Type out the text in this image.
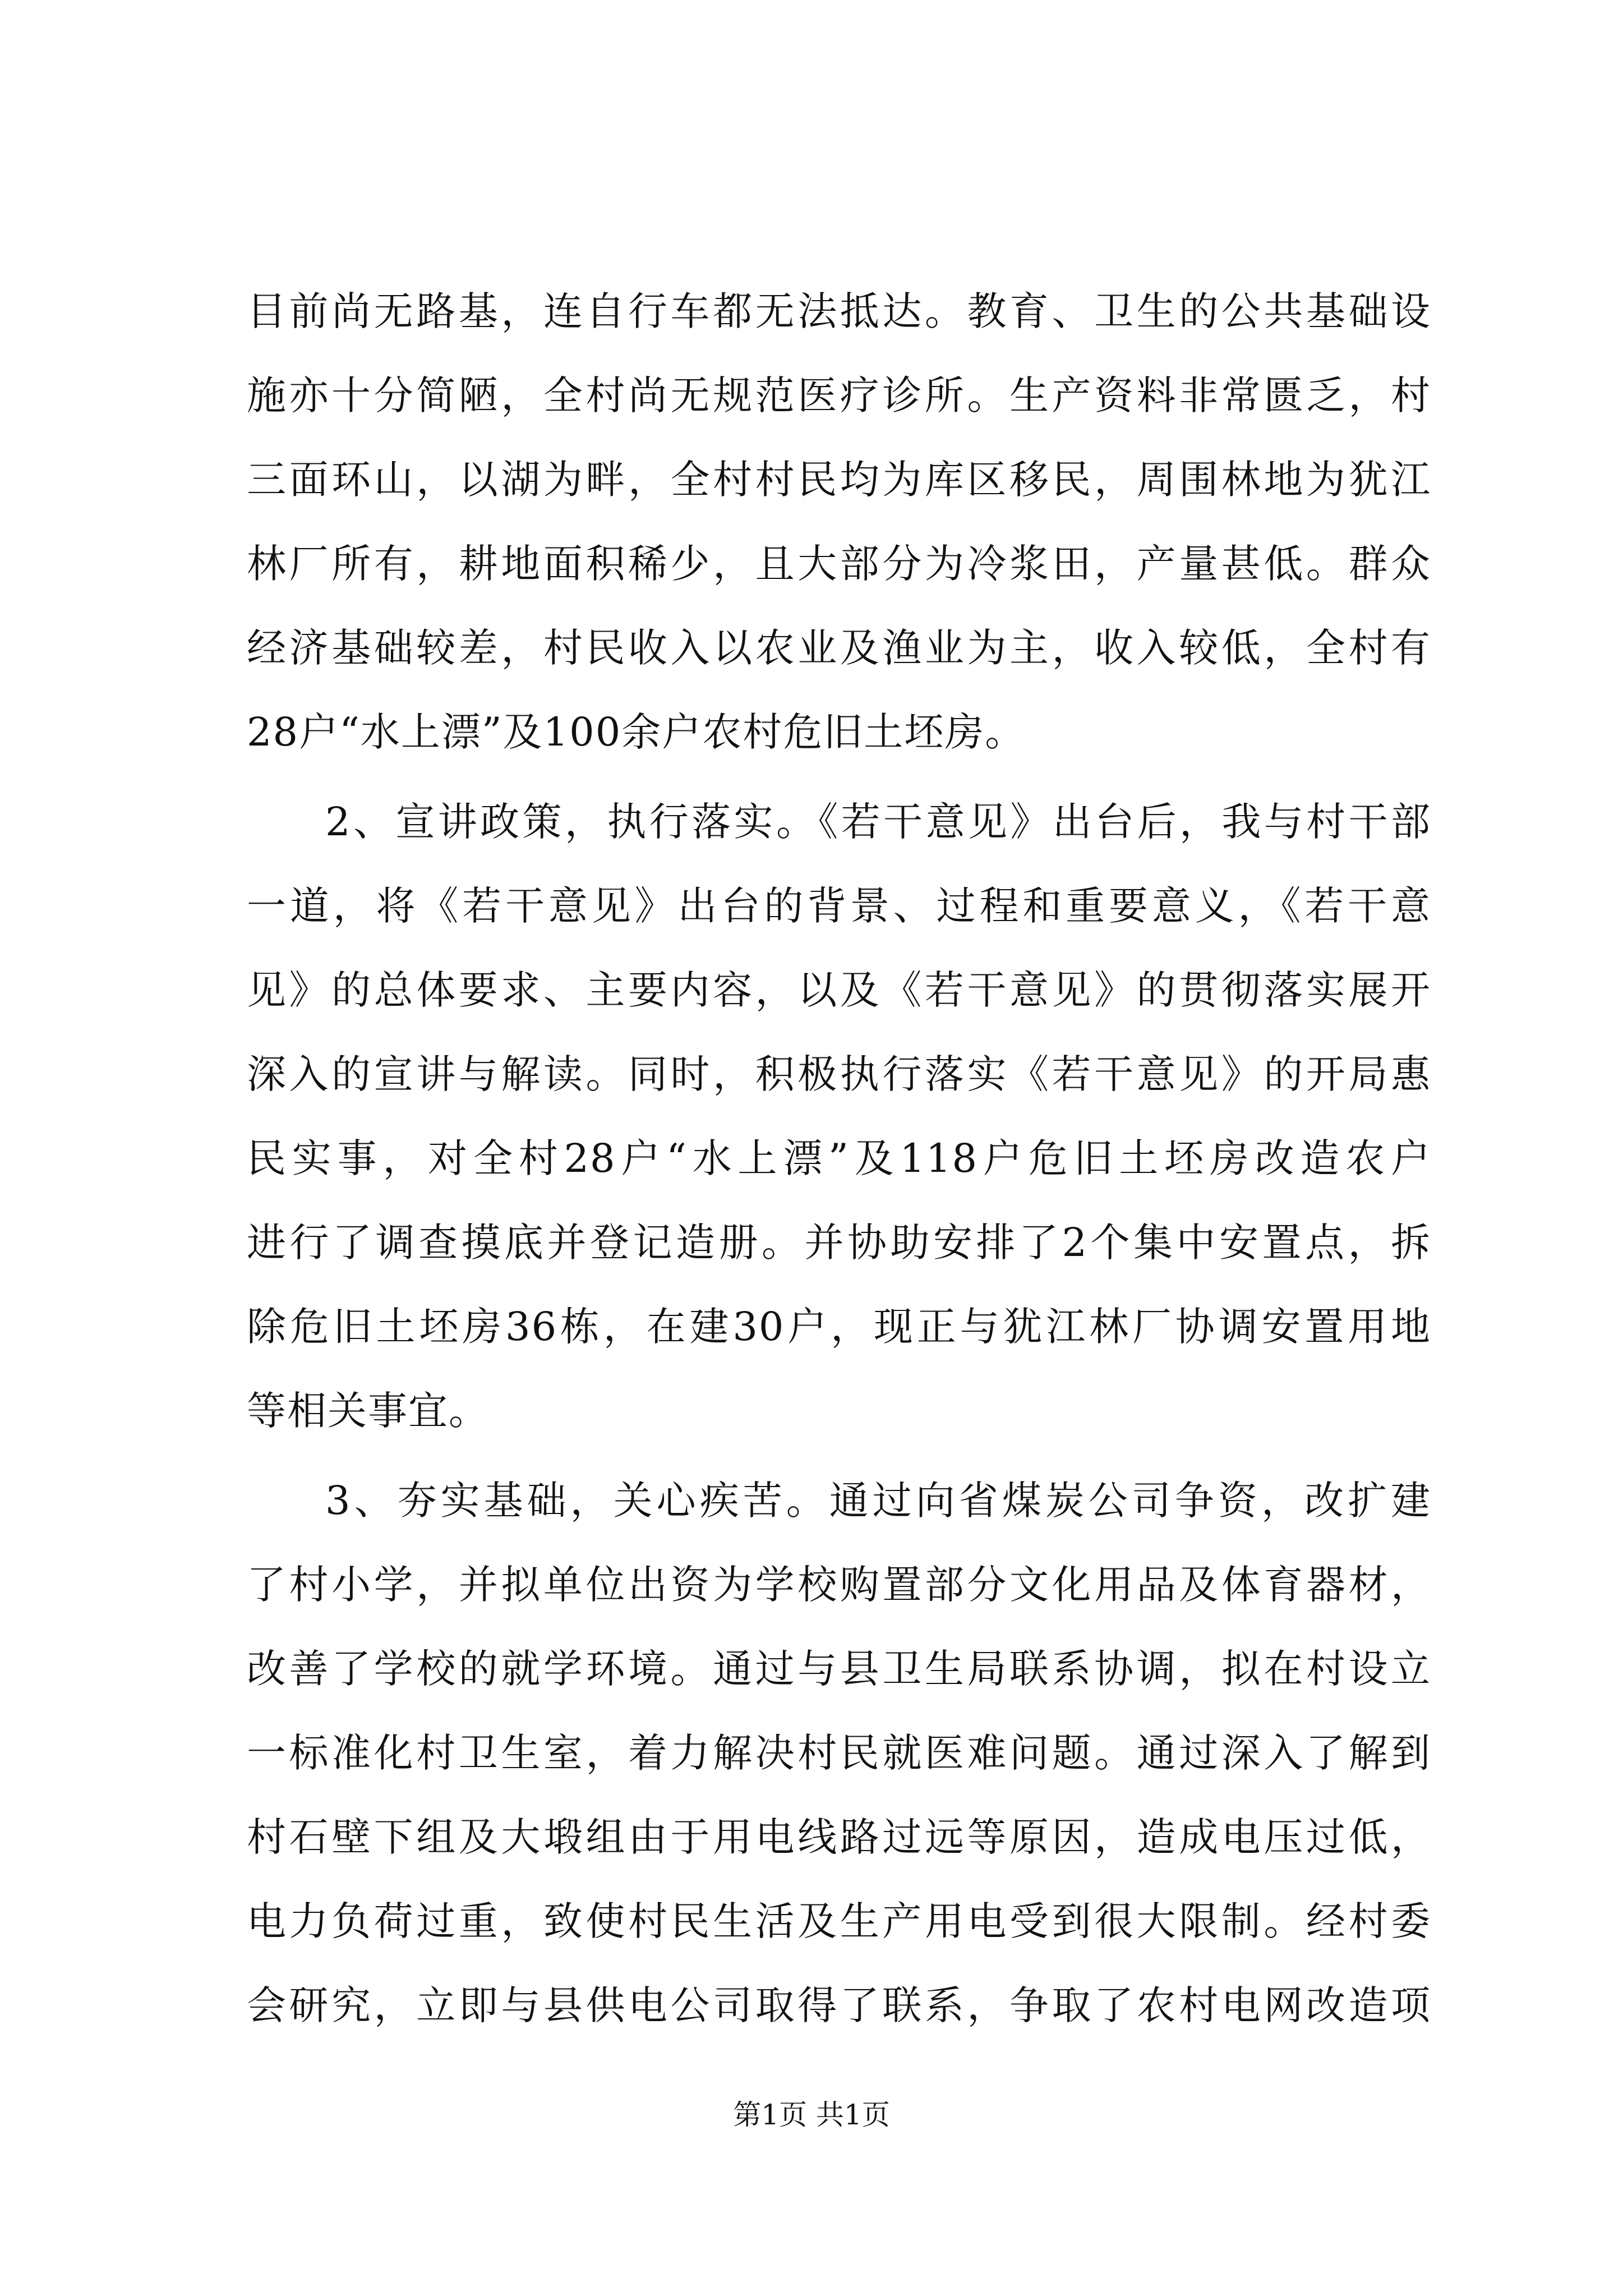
目前尚无路基，连自行车都无法抵达。教育、卫生的公共基础设
施亦十分简陋，全村尚无规范医疗诊所。生产资料非常匮乏，村
三面环山，以湖为畔，全村村民均为库区移民，周围林地为犹江
林厂所有，耕地面积稀少，且大部分为冷浆田，产量甚低。群众
经济基础较差，村民收入以农业及渔业为主，收入较低，全村有
28户“水上漂”及100余户农村危旧土坯房。
2、宣讲政策，执行落实。《若干意见》出台后，我与村干部
一道，将《若干意见》出台的背景、过程和重要意义，《若干意
见》的总体要求、主要内容，以及《若干意见》的贯彻落实展开
深入的宣讲与解读。同时，积极执行落实《若干意见》的开局惠
民实事，对全村28户“水上漂”及118户危旧土坯房改造农户
进行了调查摸底并登记造册。并协助安排了2个集中安置点，拆
除危旧土坯房36栋，在建30户，现正与犹江林厂协调安置用地
等相关事宜。
3、夯实基础，关心疾苦。通过向省煤炭公司争资，改扩建
了村小学，并拟单位出资为学校购置部分文化用品及体育器材，
改善了学校的就学环境。通过与县卫生局联系协调，拟在村设立
一标准化村卫生室，着力解决村民就医难问题。通过深入了解到
村石壁下组及大塅组由于用电线路过远等原因，造成电压过低，
电力负荷过重，致使村民生活及生产用电受到很大限制。经村委
会研究，立即与县供电公司取得了联系，争取了农村电网改造项
第1页 共1页
